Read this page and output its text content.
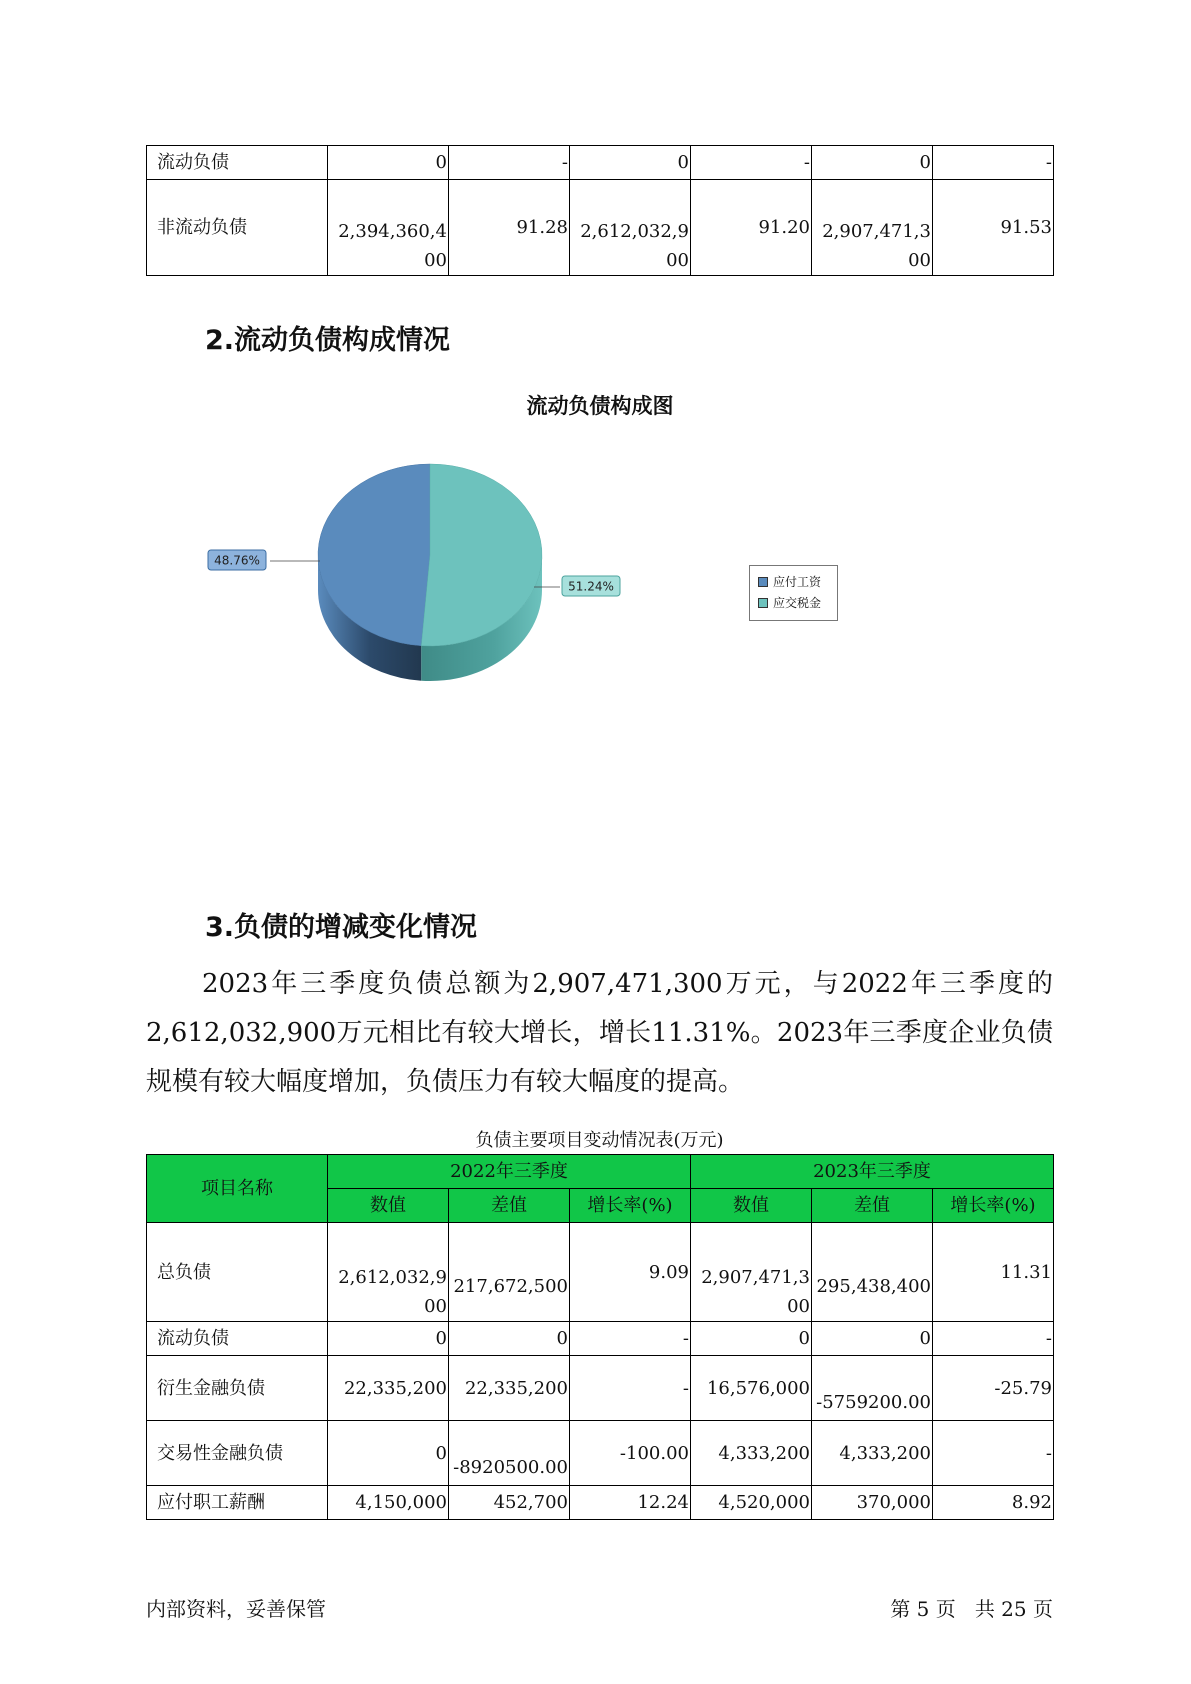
流动负债	0	-	0	-	0	-
非流动负债	2,394,360,400	91.28	2,612,032,900	91.20	2,907,471,300	91.53
2.流动负债构成情况
流动负债构成图
48.76%
51.24%	应付工资
应交税金
3.负债的增减变化情况

2023年三季度负债总额为2,907,471,300万元，与2022年三季度的2,612,032,900万元相比有较大增长，增长11.31%。2023年三季度企业负债规模有较大幅度增加，负债压力有较大幅度的提高。

负债主要项目变动情况表(万元)
项目名称	2022年三季度			2023年三季度		
	数值	差值	增长率(%)	数值	差值	增长率(%)
总负债	2,612,032,900	217,672,500	9.09	2,907,471,300	295,438,400	11.31
流动负债	0	0	-	0	0	-
衍生金融负债	22,335,200	22,335,200	-	16,576,000	-5759200.00	-25.79
交易性金融负债	0	-8920500.00	-100.00	4,333,200	4,333,200	-
应付职工薪酬	4,150,000	452,700	12.24	4,520,000	370,000	8.92
内部资料，妥善保管	第 5 页   共 25 页
